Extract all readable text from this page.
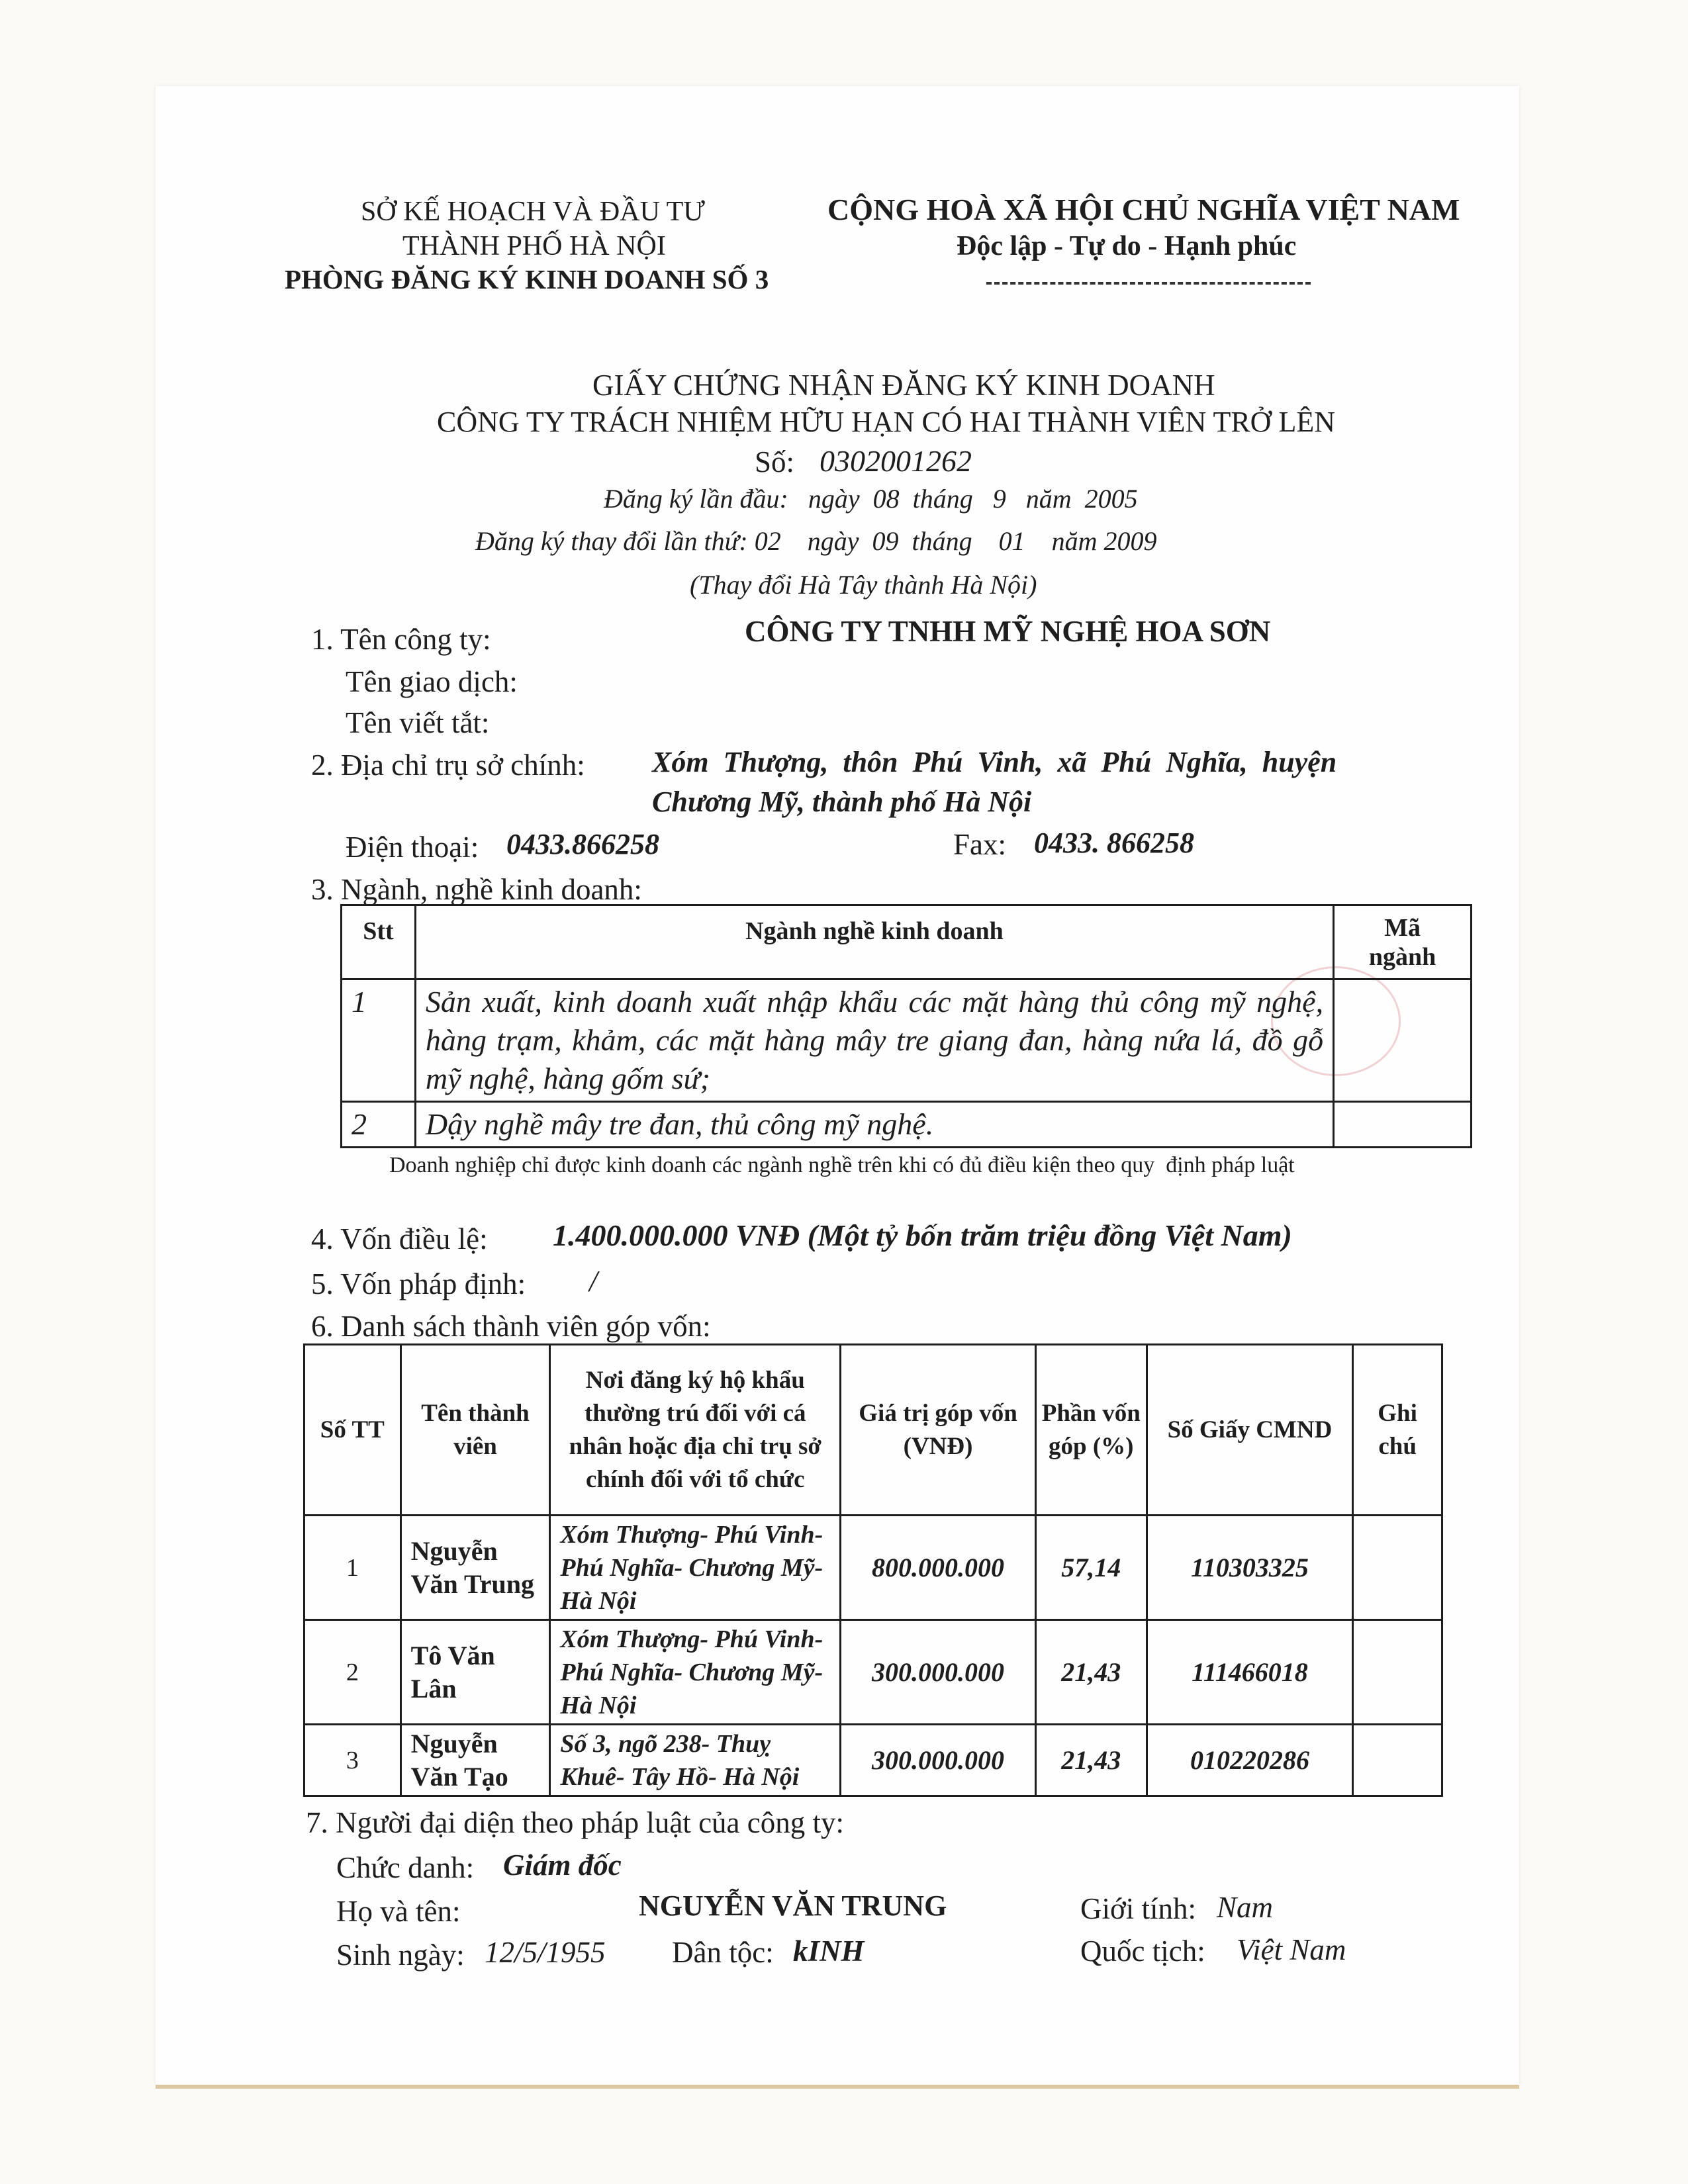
SỞ KẾ HOẠCH VÀ ĐẦU TƯ
THÀNH PHỐ HÀ NỘI
PHÒNG ĐĂNG KÝ KINH DOANH SỐ 3
CỘNG HOÀ XÃ HỘI CHỦ NGHĨA VIỆT NAM
Độc lập - Tự do - Hạnh phúc
GIẤY CHỨNG NHẬN ĐĂNG KÝ KINH DOANH
CÔNG TY TRÁCH NHIỆM HỮU HẠN CÓ HAI THÀNH VIÊN TRỞ LÊN
Số: 0302001262
Đăng ký lần đầu:   ngày  08  tháng   9   năm  2005
Đăng ký thay đổi lần thứ: 02    ngày  09  tháng    01    năm 2009
(Thay đổi Hà Tây thành Hà Nội)
1. Tên công ty:	CÔNG TY TNHH MỸ NGHỆ HOA SƠN
Tên giao dịch:
Tên viết tắt:
2. Địa chỉ trụ sở chính: Xóm  Thượng,  thôn  Phú  Vinh,  xã  Phú  Nghĩa,  huyện
Chương Mỹ, thành phố Hà Nội
Điện thoại: 0433.866258	Fax: 0433. 866258
3. Ngành, nghề kinh doanh:
Stt	Ngành nghề kinh doanh	Mã ngành
1	Sản xuất, kinh doanh xuất nhập khẩu các mặt hàng thủ công mỹ nghệ, hàng trạm, khảm, các mặt hàng mây tre giang đan, hàng nứa lá, đồ gỗ mỹ nghệ, hàng gốm sứ;	
2	Dậy nghề mây tre đan, thủ công mỹ nghệ.	
Doanh nghiệp chỉ được kinh doanh các ngành nghề trên khi có đủ điều kiện theo quy  định pháp luật
4. Vốn điều lệ: 1.400.000.000 VNĐ (Một tỷ bốn trăm triệu đồng Việt Nam)
5. Vốn pháp định: /
6. Danh sách thành viên góp vốn:
Số TT	Tên thành viên	Nơi đăng ký hộ khẩu thường trú đối với cá nhân hoặc địa chỉ trụ sở chính đối với tổ chức	Giá trị góp vốn (VNĐ)	Phần vốn góp (%)	Số Giấy CMND	Ghi chú
1	Nguyễn Văn Trung	Xóm Thượng- Phú Vinh- Phú Nghĩa- Chương Mỹ- Hà Nội	800.000.000	57,14	110303325	
2	Tô Văn Lân	Xóm Thượng- Phú Vinh- Phú Nghĩa- Chương Mỹ- Hà Nội	300.000.000	21,43	111466018	
3	Nguyễn Văn Tạo	Số 3, ngõ 238- Thuỵ Khuê- Tây Hồ- Hà Nội	300.000.000	21,43	010220286	
7. Người đại diện theo pháp luật của công ty:
Chức danh: Giám đốc
Họ và tên:	NGUYỄN VĂN TRUNG	Giới tính: Nam
Sinh ngày: 12/5/1955 Dân tộc: kINH	Quốc tịch: Việt Nam
